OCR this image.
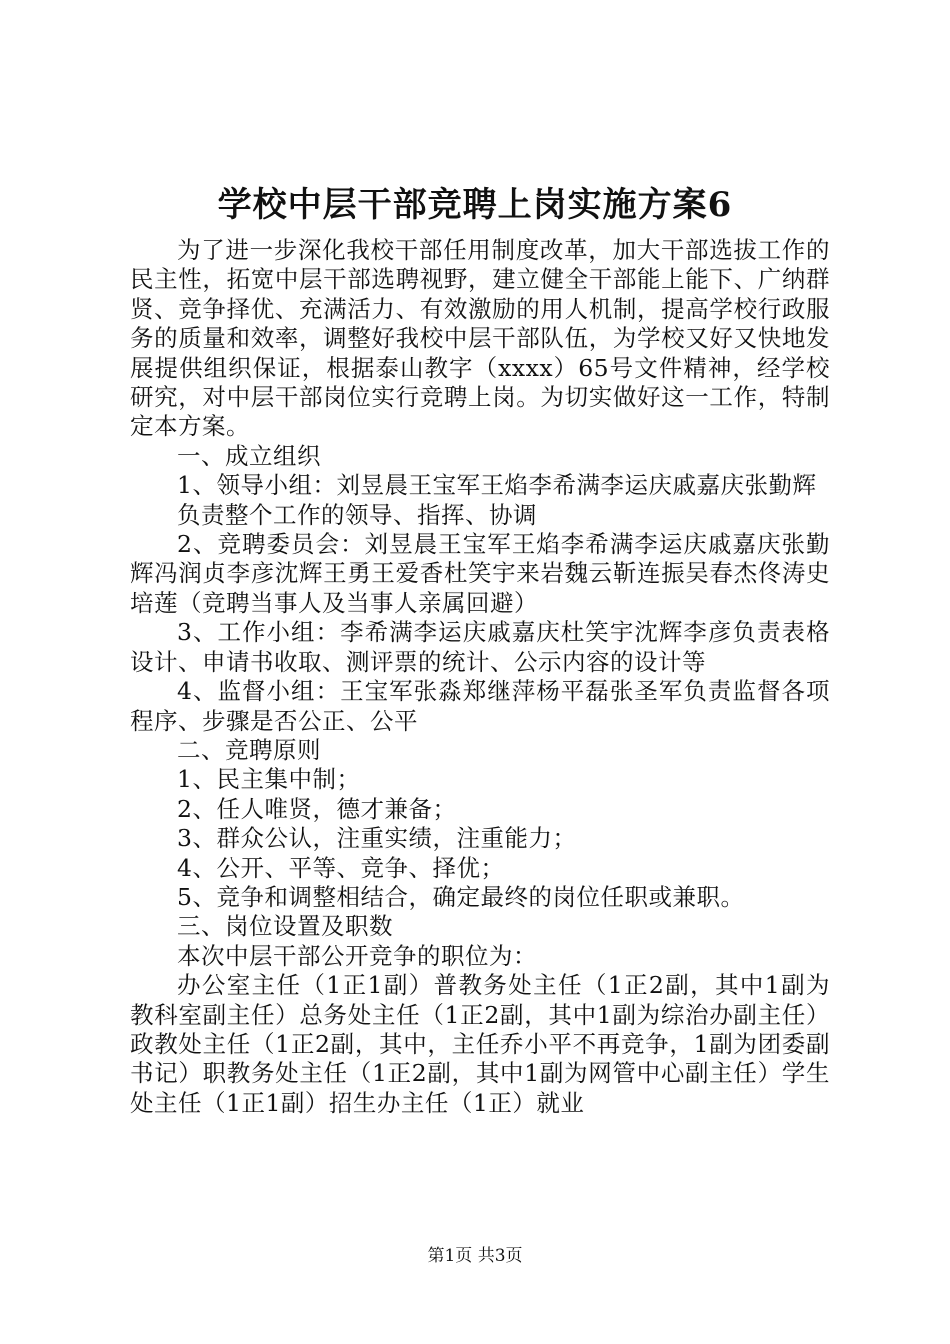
学校中层干部竞聘上岗实施方案6

为了进一步深化我校干部任用制度改革，加大干部选拔工作的民主性，拓宽中层干部选聘视野，建立健全干部能上能下、广纳群贤、竞争择优、充满活力、有效激励的用人机制，提高学校行政服务的质量和效率，调整好我校中层干部队伍，为学校又好又快地发展提供组织保证，根据泰山教字（xxxx）65号文件精神，经学校研究，对中层干部岗位实行竞聘上岗。为切实做好这一工作，特制定本方案。

一、成立组织

1、领导小组：刘昱晨王宝军王焰李希满李运庆戚嘉庆张勤辉

负责整个工作的领导、指挥、协调

2、竞聘委员会：刘昱晨王宝军王焰李希满李运庆戚嘉庆张勤辉冯润贞李彦沈辉王勇王爱香杜笑宇来岩魏云靳连振吴春杰佟涛史培莲（竞聘当事人及当事人亲属回避）

3、工作小组：李希满李运庆戚嘉庆杜笑宇沈辉李彦负责表格设计、申请书收取、测评票的统计、公示内容的设计等

4、监督小组：王宝军张淼郑继萍杨平磊张圣军负责监督各项程序、步骤是否公正、公平

二、竞聘原则

1、民主集中制；

2、任人唯贤，德才兼备；

3、群众公认，注重实绩，注重能力；

4、公开、平等、竞争、择优；

5、竞争和调整相结合，确定最终的岗位任职或兼职。

三、岗位设置及职数

本次中层干部公开竞争的职位为：

办公室主任（1正1副）普教务处主任（1正2副，其中1副为教科室副主任）总务处主任（1正2副，其中1副为综治办副主任）政教处主任（1正2副，其中，主任乔小平不再竞争，1副为团委副书记）职教务处主任（1正2副，其中1副为网管中心副主任）学生处主任（1正1副）招生办主任（1正）就业

第1页 共3页
